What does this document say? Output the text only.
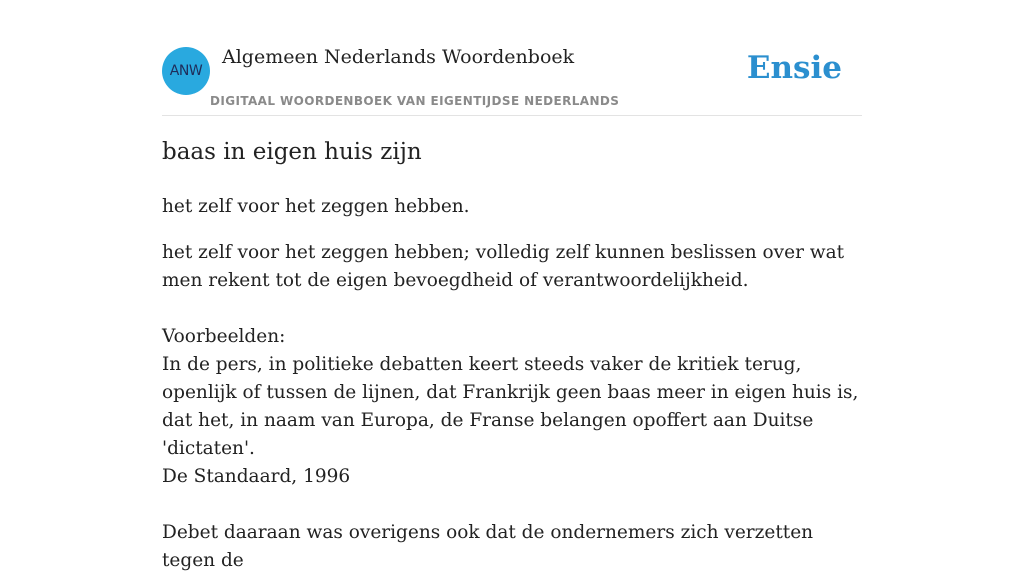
ANW
Algemeen Nederlands Woordenboek
DIGITAAL WOORDENBOEK VAN EIGENTIJDSE NEDERLANDS
Ensie
baas in eigen huis zijn

het zelf voor het zeggen hebben.

het zelf voor het zeggen hebben; volledig zelf kunnen beslissen over wat men rekent tot de eigen bevoegdheid of verantwoordelijkheid.

Voorbeelden:

In de pers, in politieke debatten keert steeds vaker de kritiek terug, openlijk of tussen de lijnen, dat Frankrijk geen baas meer in eigen huis is, dat het, in naam van Europa, de Franse belangen opoffert aan Duitse 'dictaten'.

De Standaard, 1996

Debet daaraan was overigens ook dat de ondernemers zich verzetten tegen de
